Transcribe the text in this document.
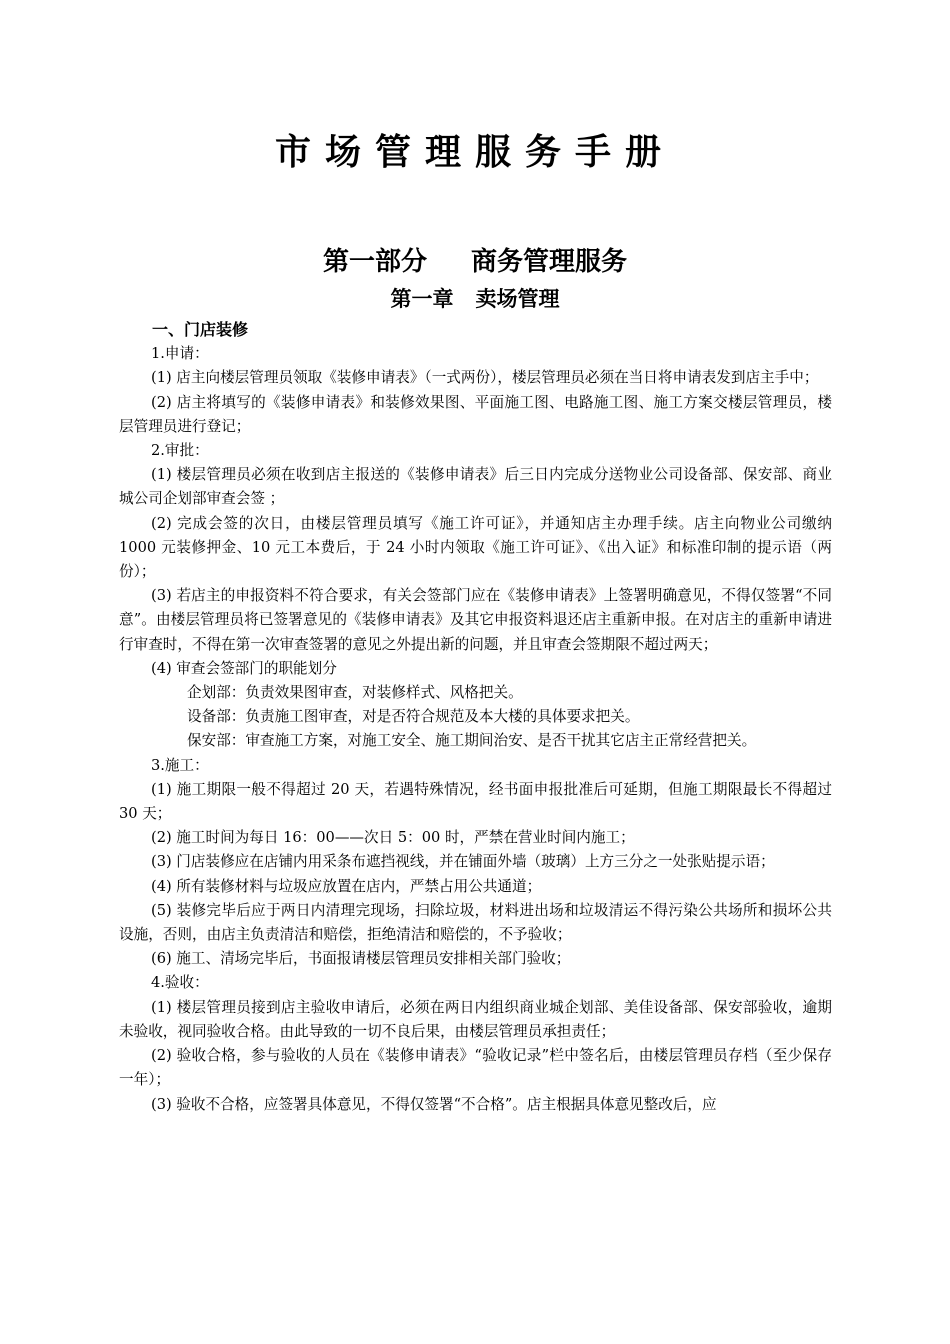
市场管理服务手册
第一部分 商务管理服务
第一章 卖场管理

一、门店装修

1.申请：

(1) 店主向楼层管理员领取《装修申请表》（一式两份），楼层管理员必须在当日将申请表发到店主手中；

(2) 店主将填写的《装修申请表》和装修效果图、平面施工图、电路施工图、施工方案交楼层管理员，楼层管理员进行登记；

2.审批：

(1) 楼层管理员必须在收到店主报送的《装修申请表》后三日内完成分送物业公司设备部、保安部、商业城公司企划部审查会签 ；

(2) 完成会签的次日，由楼层管理员填写《施工许可证》，并通知店主办理手续。店主向物业公司缴纳 1000 元装修押金、10 元工本费后，于 24 小时内领取《施工许可证》、《出入证》和标准印制的提示语（两份）；

(3) 若店主的申报资料不符合要求，有关会签部门应在《装修申请表》上签署明确意见，不得仅签署“不同意”。由楼层管理员将已签署意见的《装修申请表》及其它申报资料退还店主重新申报。在对店主的重新申请进行审查时，不得在第一次审查签署的意见之外提出新的问题，并且审查会签期限不超过两天；

(4) 审查会签部门的职能划分

企划部：负责效果图审查，对装修样式、风格把关。

设备部：负责施工图审查，对是否符合规范及本大楼的具体要求把关。

保安部：审查施工方案，对施工安全、施工期间治安、是否干扰其它店主正常经营把关。

3.施工：

(1) 施工期限一般不得超过 20 天，若遇特殊情况，经书面申报批准后可延期，但施工期限最长不得超过 30 天；

(2) 施工时间为每日 16：00——次日 5：00 时，严禁在营业时间内施工；

(3) 门店装修应在店铺内用采条布遮挡视线，并在铺面外墙（玻璃）上方三分之一处张贴提示语；

(4) 所有装修材料与垃圾应放置在店内，严禁占用公共通道；

(5) 装修完毕后应于两日内清理完现场，扫除垃圾，材料进出场和垃圾清运不得污染公共场所和损坏公共设施，否则，由店主负责清洁和赔偿，拒绝清洁和赔偿的，不予验收；

(6) 施工、清场完毕后，书面报请楼层管理员安排相关部门验收；

4.验收：

(1) 楼层管理员接到店主验收申请后，必须在两日内组织商业城企划部、美佳设备部、保安部验收，逾期未验收，视同验收合格。由此导致的一切不良后果，由楼层管理员承担责任；

(2) 验收合格，参与验收的人员在《装修申请表》“验收记录”栏中签名后，由楼层管理员存档（至少保存一年）；

(3) 验收不合格，应签署具体意见，不得仅签署“不合格”。店主根据具体意见整改后，应
